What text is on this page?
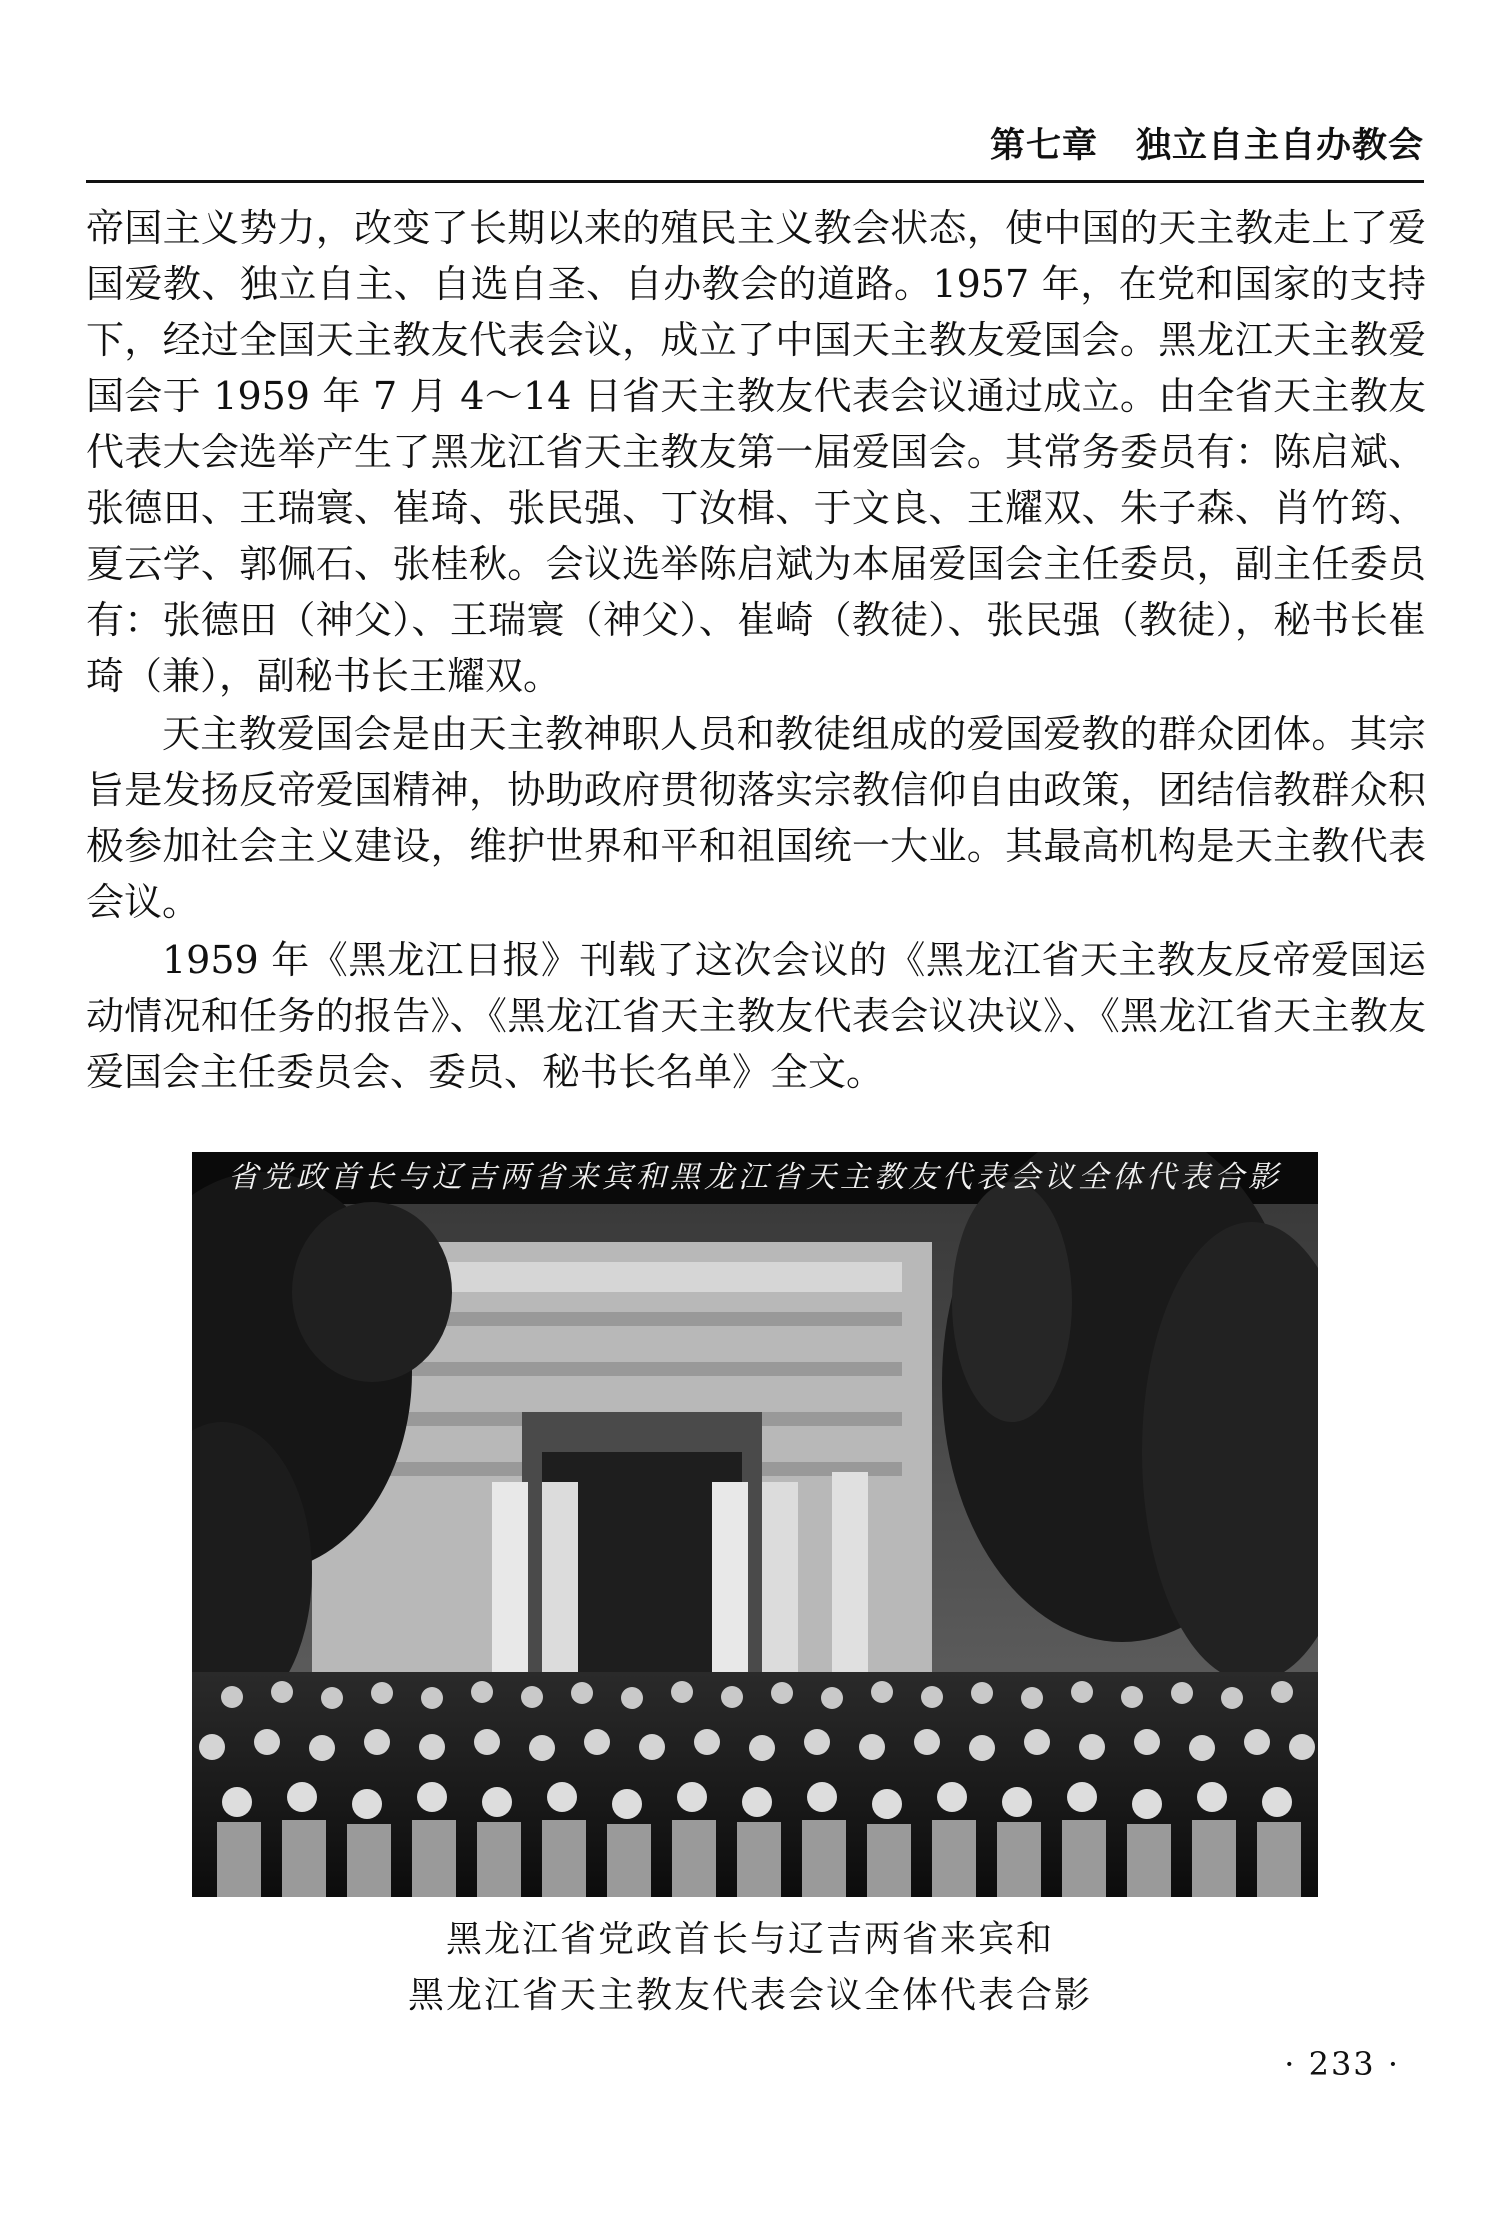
第七章 独立自主自办教会

帝国主义势力，改变了长期以来的殖民主义教会状态，使中国的天主教走上了爱国爱教、独立自主、自选自圣、自办教会的道路。1957 年，在党和国家的支持下，经过全国天主教友代表会议，成立了中国天主教友爱国会。黑龙江天主教爱国会于 1959 年 7 月 4～14 日省天主教友代表会议通过成立。由全省天主教友代表大会选举产生了黑龙江省天主教友第一届爱国会。其常务委员有：陈启斌、张德田、王瑞寰、崔琦、张民强、丁汝楫、于文良、王耀双、朱子森、肖竹筠、夏云学、郭佩石、张桂秋。会议选举陈启斌为本届爱国会主任委员，副主任委员有：张德田（神父）、王瑞寰（神父）、崔崎（教徒）、张民强（教徒），秘书长崔琦（兼），副秘书长王耀双。

天主教爱国会是由天主教神职人员和教徒组成的爱国爱教的群众团体。其宗旨是发扬反帝爱国精神，协助政府贯彻落实宗教信仰自由政策，团结信教群众积极参加社会主义建设，维护世界和平和祖国统一大业。其最高机构是天主教代表会议。

1959 年《黑龙江日报》刊载了这次会议的《黑龙江省天主教友反帝爱国运动情况和任务的报告》、《黑龙江省天主教友代表会议决议》、《黑龙江省天主教友爱国会主任委员会、委员、秘书长名单》全文。

省党政首长与辽吉两省来宾和黑龙江省天主教友代表会议全体代表合影
黑龙江省党政首长与辽吉两省来宾和
黑龙江省天主教友代表会议全体代表合影
· 233 ·
